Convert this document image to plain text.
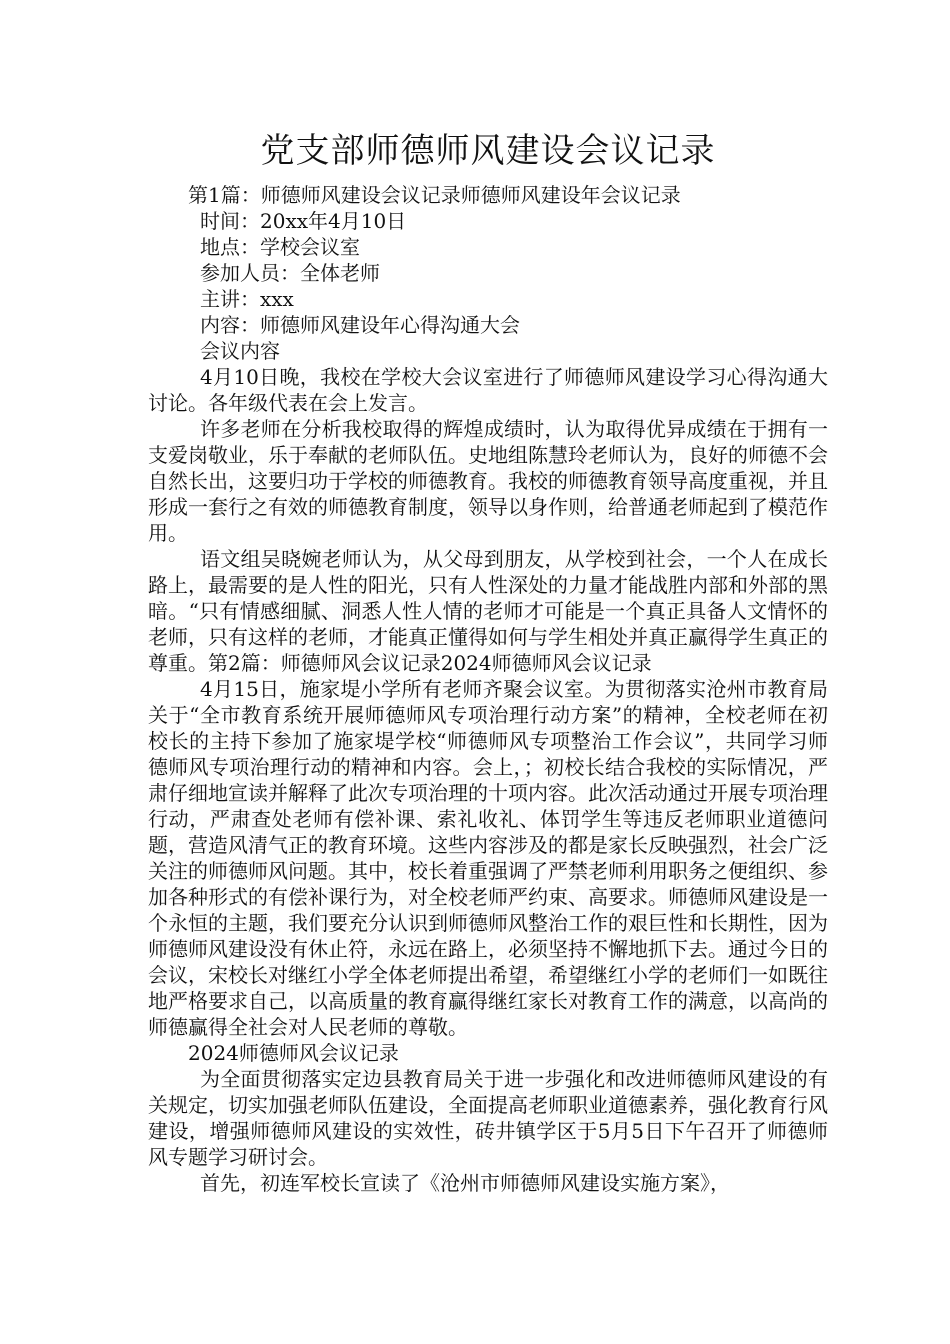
党支部师德师风建设会议记录

第1篇：师德师风建设会议记录师德师风建设年会议记录

时间：20xx年4月10日

地点：学校会议室

参加人员：全体老师

主讲：xxx

内容：师德师风建设年心得沟通大会

会议内容

4月10日晚，我校在学校大会议室进行了师德师风建设学习心得沟通大讨论。各年级代表在会上发言。

许多老师在分析我校取得的辉煌成绩时，认为取得优异成绩在于拥有一支爱岗敬业，乐于奉献的老师队伍。史地组陈慧玲老师认为，良好的师德不会自然长出，这要归功于学校的师德教育。我校的师德教育领导高度重视，并且形成一套行之有效的师德教育制度，领导以身作则，给普通老师起到了模范作用。

语文组吴晓婉老师认为，从父母到朋友，从学校到社会，一个人在成长路上，最需要的是人性的阳光，只有人性深处的力量才能战胜内部和外部的黑暗。“只有情感细腻、洞悉人性人情的老师才可能是一个真正具备人文情怀的老师，只有这样的老师，才能真正懂得如何与学生相处并真正赢得学生真正的尊重。第2篇：师德师风会议记录2024师德师风会议记录

4月15日，施家堤小学所有老师齐聚会议室。为贯彻落实沧州市教育局关于“全市教育系统开展师德师风专项治理行动方案”的精神，全校老师在初校长的主持下参加了施家堤学校“师德师风专项整治工作会议”，共同学习师德师风专项治理行动的精神和内容。会上，；初校长结合我校的实际情况，严肃仔细地宣读并解释了此次专项治理的十项内容。此次活动通过开展专项治理行动，严肃查处老师有偿补课、索礼收礼、体罚学生等违反老师职业道德问题，营造风清气正的教育环境。这些内容涉及的都是家长反映强烈，社会广泛关注的师德师风问题。其中，校长着重强调了严禁老师利用职务之便组织、参加各种形式的有偿补课行为，对全校老师严约束、高要求。师德师风建设是一个永恒的主题，我们要充分认识到师德师风整治工作的艰巨性和长期性，因为师德师风建设没有休止符，永远在路上，必须坚持不懈地抓下去。通过今日的会议，宋校长对继红小学全体老师提出希望，希望继红小学的老师们一如既往地严格要求自己，以高质量的教育赢得继红家长对教育工作的满意，以高尚的师德赢得全社会对人民老师的尊敬。

2024师德师风会议记录

为全面贯彻落实定边县教育局关于进一步强化和改进师德师风建设的有关规定，切实加强老师队伍建设，全面提高老师职业道德素养，强化教育行风建设，增强师德师风建设的实效性，砖井镇学区于5月5日下午召开了师德师风专题学习研讨会。

首先，初连军校长宣读了《沧州市师德师风建设实施方案》，
